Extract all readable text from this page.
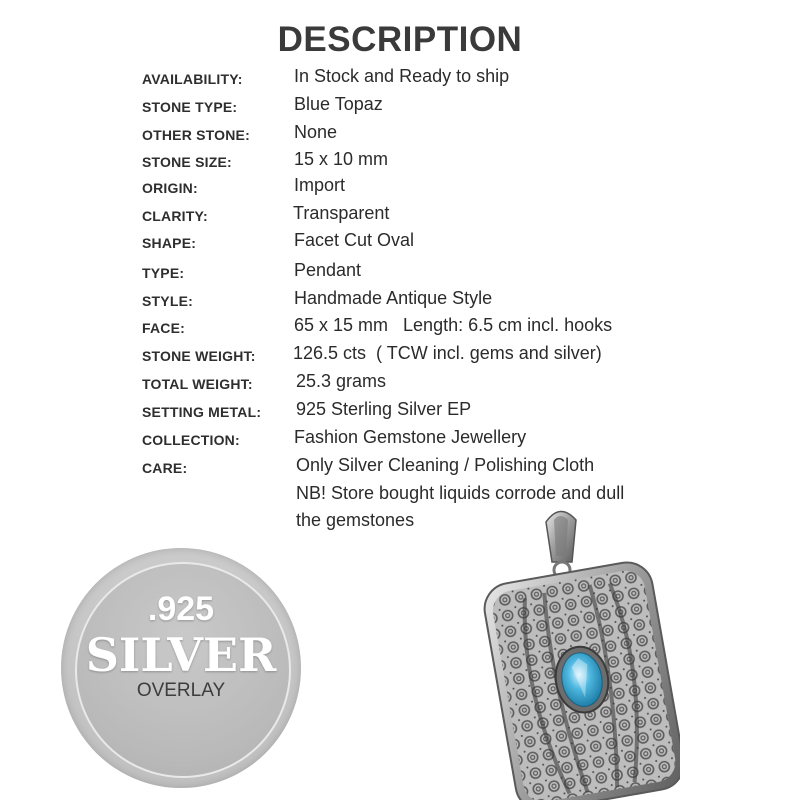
DESCRIPTION
AVAILABILITY:	In Stock and Ready to ship
STONE TYPE:	Blue Topaz
OTHER STONE: None
STONE SIZE:	15 x 10 mm
ORIGIN:	Import
CLARITY:	Transparent
SHAPE:	Facet Cut Oval
TYPE:	Pendant
STYLE:	Handmade Antique Style
FACE:	65 x 15 mm   Length: 6.5 cm incl. hooks
STONE WEIGHT: 126.5 cts  ( TCW incl. gems and silver)
TOTAL WEIGHT: 25.3 grams
SETTING METAL: 925 Sterling Silver EP
COLLECTION:	Fashion Gemstone Jewellery
CARE:	Only Silver Cleaning / Polishing Cloth
NB! Store bought liquids corrode and dull
the gemstones
.925
SILVER
OVERLAY
